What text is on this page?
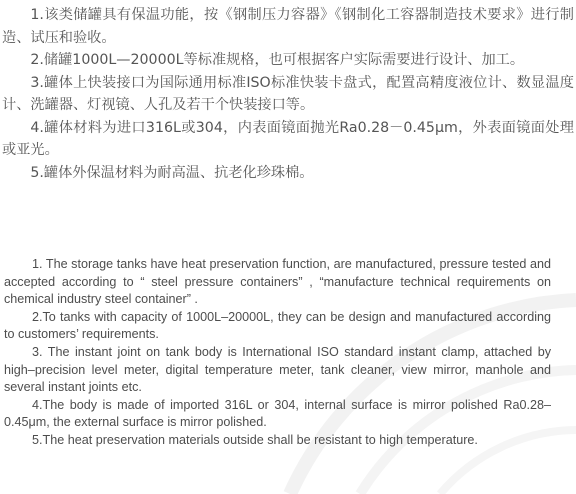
1.该类储罐具有保温功能，按《钢制压力容器》《钢制化工容器制造技术要求》进行制造、试压和验收。

2.储罐1000L—20000L等标准规格，也可根据客户实际需要进行设计、加工。

3.罐体上快装接口为国际通用标准ISO标准快装卡盘式，配置高精度液位计、数显温度计、洗罐器、灯视镜、人孔及若干个快装接口等。

4.罐体材料为进口316L或304，内表面镜面抛光Ra0.28－0.45μm，外表面镜面处理或亚光。

5.罐体外保温材料为耐高温、抗老化珍珠棉。

1. The storage tanks have heat preservation function, are manufactured, pressure tested and accepted according to “ steel pressure containers” , “manufacture technical requirements on chemical industry steel container” .

2.To tanks with capacity of 1000L–20000L, they can be design and manufactured according to customers’ requirements.

3. The instant joint on tank body is International ISO standard instant clamp, attached by high–precision level meter, digital temperature meter, tank cleaner, view mirror, manhole and several instant joints etc.

4.The body is made of imported 316L or 304, internal surface is mirror polished Ra0.28–0.45μm, the external surface is mirror polished.

5.The heat preservation materials outside shall be resistant to high temperature.
